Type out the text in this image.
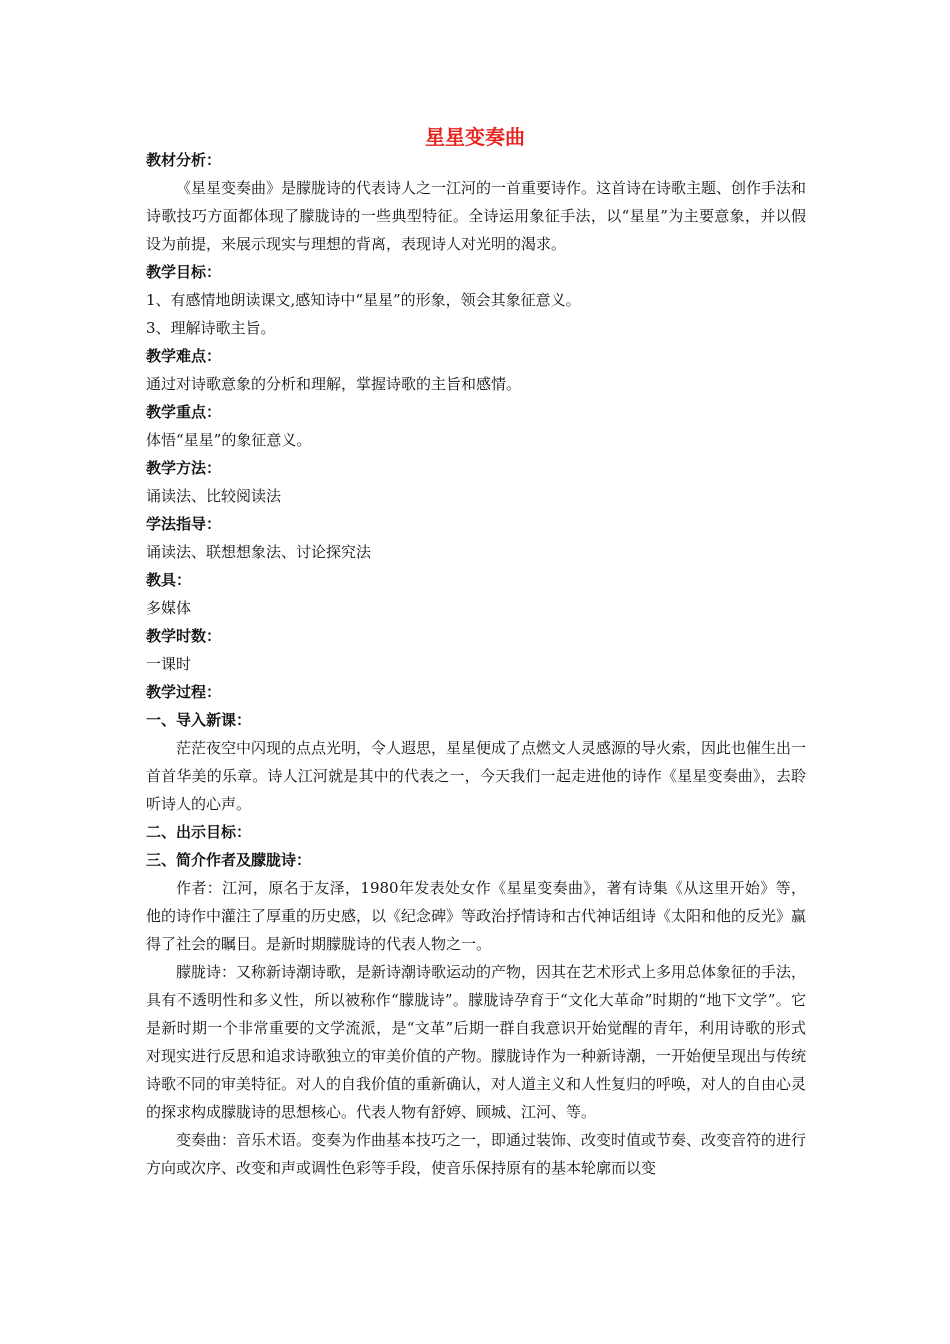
星星变奏曲

教材分析：

《星星变奏曲》是朦胧诗的代表诗人之一江河的一首重要诗作。这首诗在诗歌主题、创作手法和诗歌技巧方面都体现了朦胧诗的一些典型特征。全诗运用象征手法，以“星星”为主要意象，并以假设为前提，来展示现实与理想的背离，表现诗人对光明的渴求。

教学目标：

1、有感情地朗读课文,感知诗中“星星”的形象，领会其象征意义。

3、理解诗歌主旨。

教学难点：

通过对诗歌意象的分析和理解，掌握诗歌的主旨和感情。

教学重点：

体悟“星星”的象征意义。

教学方法：

诵读法、比较阅读法

学法指导：

诵读法、联想想象法、讨论探究法

教具：

多媒体

教学时数：

一课时

教学过程：

一、导入新课：

茫茫夜空中闪现的点点光明，令人遐思，星星便成了点燃文人灵感源的导火索，因此也催生出一首首华美的乐章。诗人江河就是其中的代表之一，今天我们一起走进他的诗作《星星变奏曲》，去聆听诗人的心声。

二、出示目标：

三、简介作者及朦胧诗：

作者：江河，原名于友泽，1980年发表处女作《星星变奏曲》，著有诗集《从这里开始》等，他的诗作中灌注了厚重的历史感，以《纪念碑》等政治抒情诗和古代神话组诗《太阳和他的反光》赢得了社会的瞩目。是新时期朦胧诗的代表人物之一。

朦胧诗：又称新诗潮诗歌，是新诗潮诗歌运动的产物，因其在艺术形式上多用总体象征的手法，具有不透明性和多义性，所以被称作“朦胧诗”。朦胧诗孕育于“文化大革命”时期的“地下文学”。它是新时期一个非常重要的文学流派，是“文革”后期一群自我意识开始觉醒的青年，利用诗歌的形式对现实进行反思和追求诗歌独立的审美价值的产物。朦胧诗作为一种新诗潮，一开始便呈现出与传统诗歌不同的审美特征。对人的自我价值的重新确认，对人道主义和人性复归的呼唤，对人的自由心灵的探求构成朦胧诗的思想核心。代表人物有舒婷、顾城、江河、等。

变奏曲：音乐术语。变奏为作曲基本技巧之一，即通过装饰、改变时值或节奏、改变音符的进行方向或次序、改变和声或调性色彩等手段，使音乐保持原有的基本轮廓而以变
